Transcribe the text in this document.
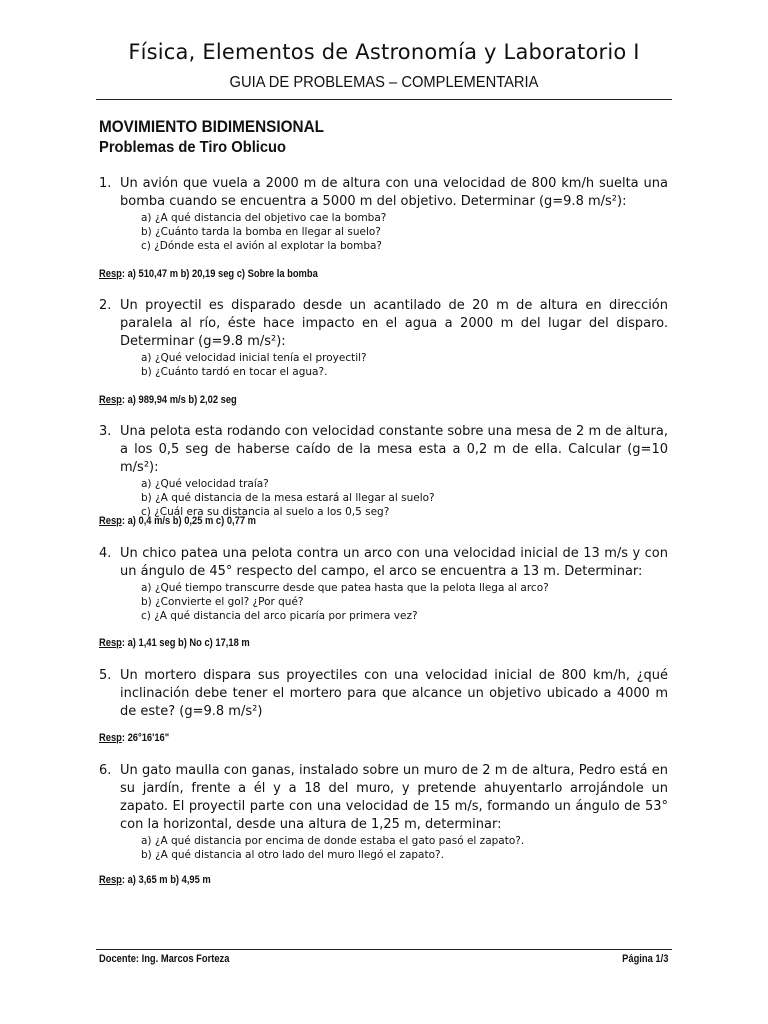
Física, Elementos de Astronomía y Laboratorio I
GUIA DE PROBLEMAS – COMPLEMENTARIA
MOVIMIENTO BIDIMENSIONAL
Problemas de Tiro Oblicuo
1. Un avión que vuela a 2000 m de altura con una velocidad de 800 km/h suelta una bomba cuando se encuentra a 5000 m del objetivo. Determinar (g=9.8 m/s²):
a) ¿A qué distancia del objetivo cae la bomba?
b) ¿Cuánto tarda la bomba en llegar al suelo?
c) ¿Dónde esta el avión al explotar la bomba?
Resp: a) 510,47 m b) 20,19 seg c) Sobre la bomba
2. Un proyectil es disparado desde un acantilado de 20 m de altura en dirección paralela al río, éste hace impacto en el agua a 2000 m del lugar del disparo. Determinar (g=9.8 m/s²):
a) ¿Qué velocidad inicial tenía el proyectil?
b) ¿Cuánto tardó en tocar el agua?.
Resp: a) 989,94 m/s b) 2,02 seg
3. Una pelota esta rodando con velocidad constante sobre una mesa de 2 m de altura, a los 0,5 seg de haberse caído de la mesa esta a 0,2 m de ella. Calcular (g=10 m/s²):
a) ¿Qué velocidad traía?
b) ¿A qué distancia de la mesa estará al llegar al suelo?
c) ¿Cuál era su distancia al suelo a los 0,5 seg?
Resp: a) 0,4 m/s b) 0,25 m c) 0,77 m
4. Un chico patea una pelota contra un arco con una velocidad inicial de 13 m/s y con un ángulo de 45° respecto del campo, el arco se encuentra a 13 m. Determinar:
a) ¿Qué tiempo transcurre desde que patea hasta que la pelota llega al arco?
b) ¿Convierte el gol? ¿Por qué?
c) ¿A qué distancia del arco picaría por primera vez?
Resp: a) 1,41 seg b) No c) 17,18 m
5. Un mortero dispara sus proyectiles con una velocidad inicial de 800 km/h, ¿qué inclinación debe tener el mortero para que alcance un objetivo ubicado a 4000 m de este? (g=9.8 m/s²)
Resp: 26°16'16"
6. Un gato maulla con ganas, instalado sobre un muro de 2 m de altura, Pedro está en su jardín, frente a él y a 18 del muro, y pretende ahuyentarlo arrojándole un zapato. El proyectil parte con una velocidad de 15 m/s, formando un ángulo de 53° con la horizontal, desde una altura de 1,25 m, determinar:
a) ¿A qué distancia por encima de donde estaba el gato pasó el zapato?.
b) ¿A qué distancia al otro lado del muro llegó el zapato?.
Resp: a) 3,65 m b) 4,95 m
Docente: Ing. Marcos Forteza	Página 1/3
